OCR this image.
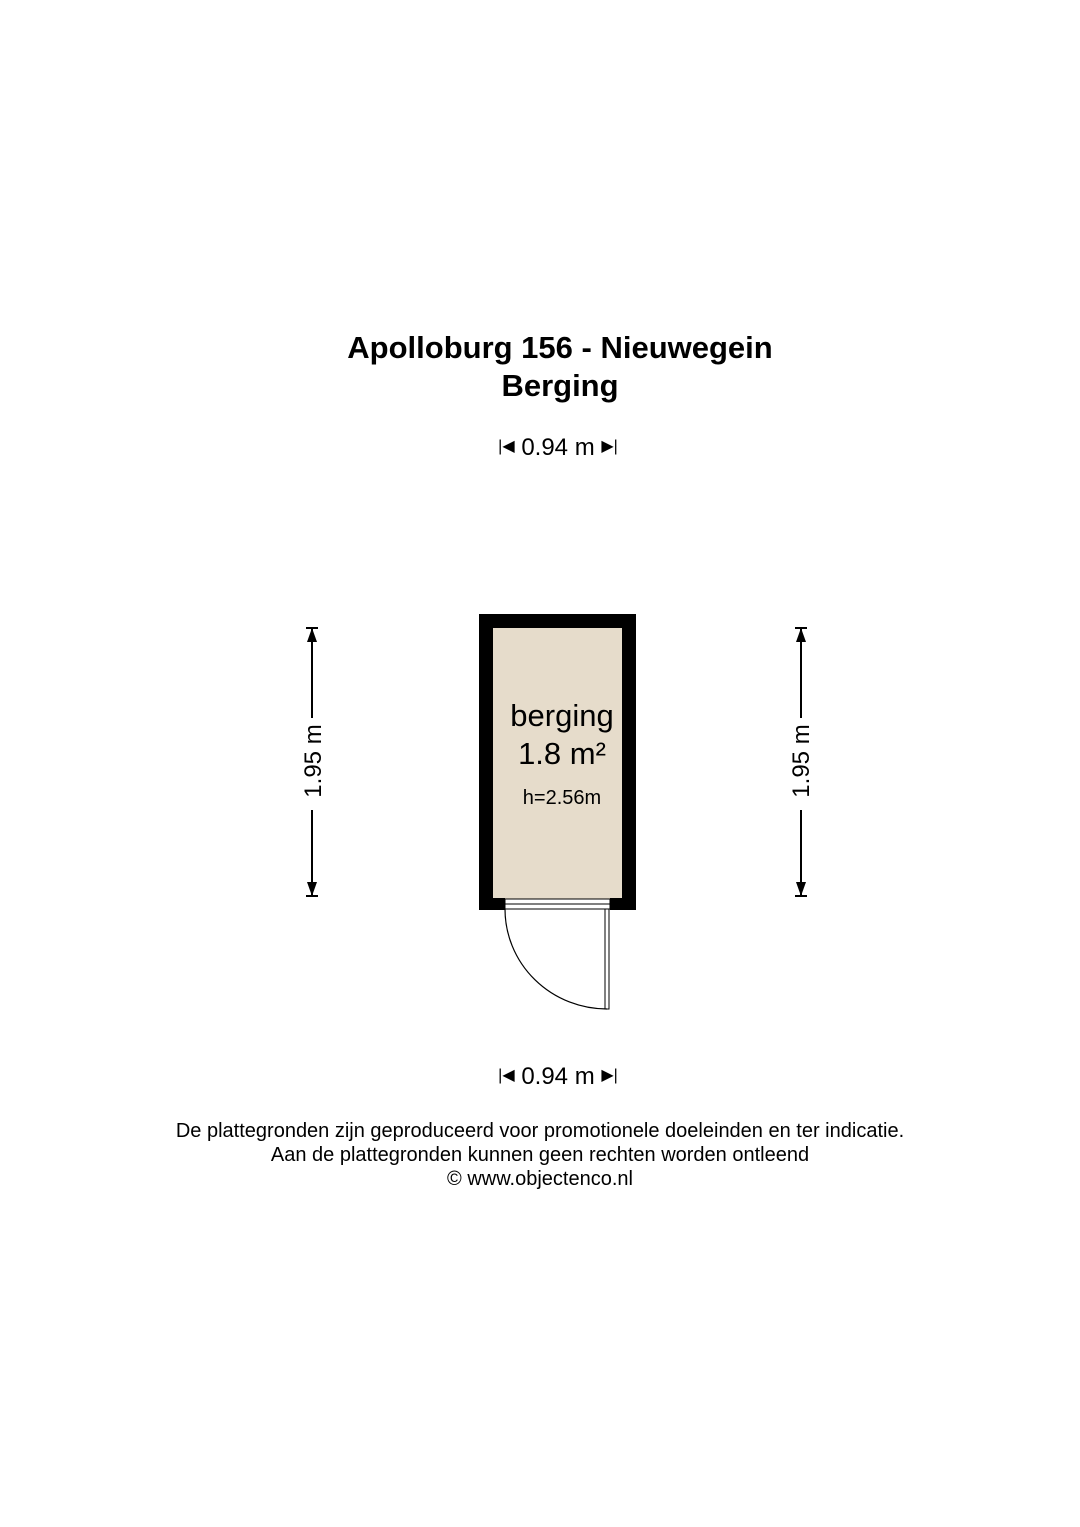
Apolloburg 156 - Nieuwegein
Berging
|◀ 0.94 m ▶|
berging
1.8 m²
h=2.56m
1.95 m	1.95 m
|◀ 0.94 m ▶|
De plattegronden zijn geproduceerd voor promotionele doeleinden en ter indicatie.
Aan de plattegronden kunnen geen rechten worden ontleend
© www.objectenco.nl
